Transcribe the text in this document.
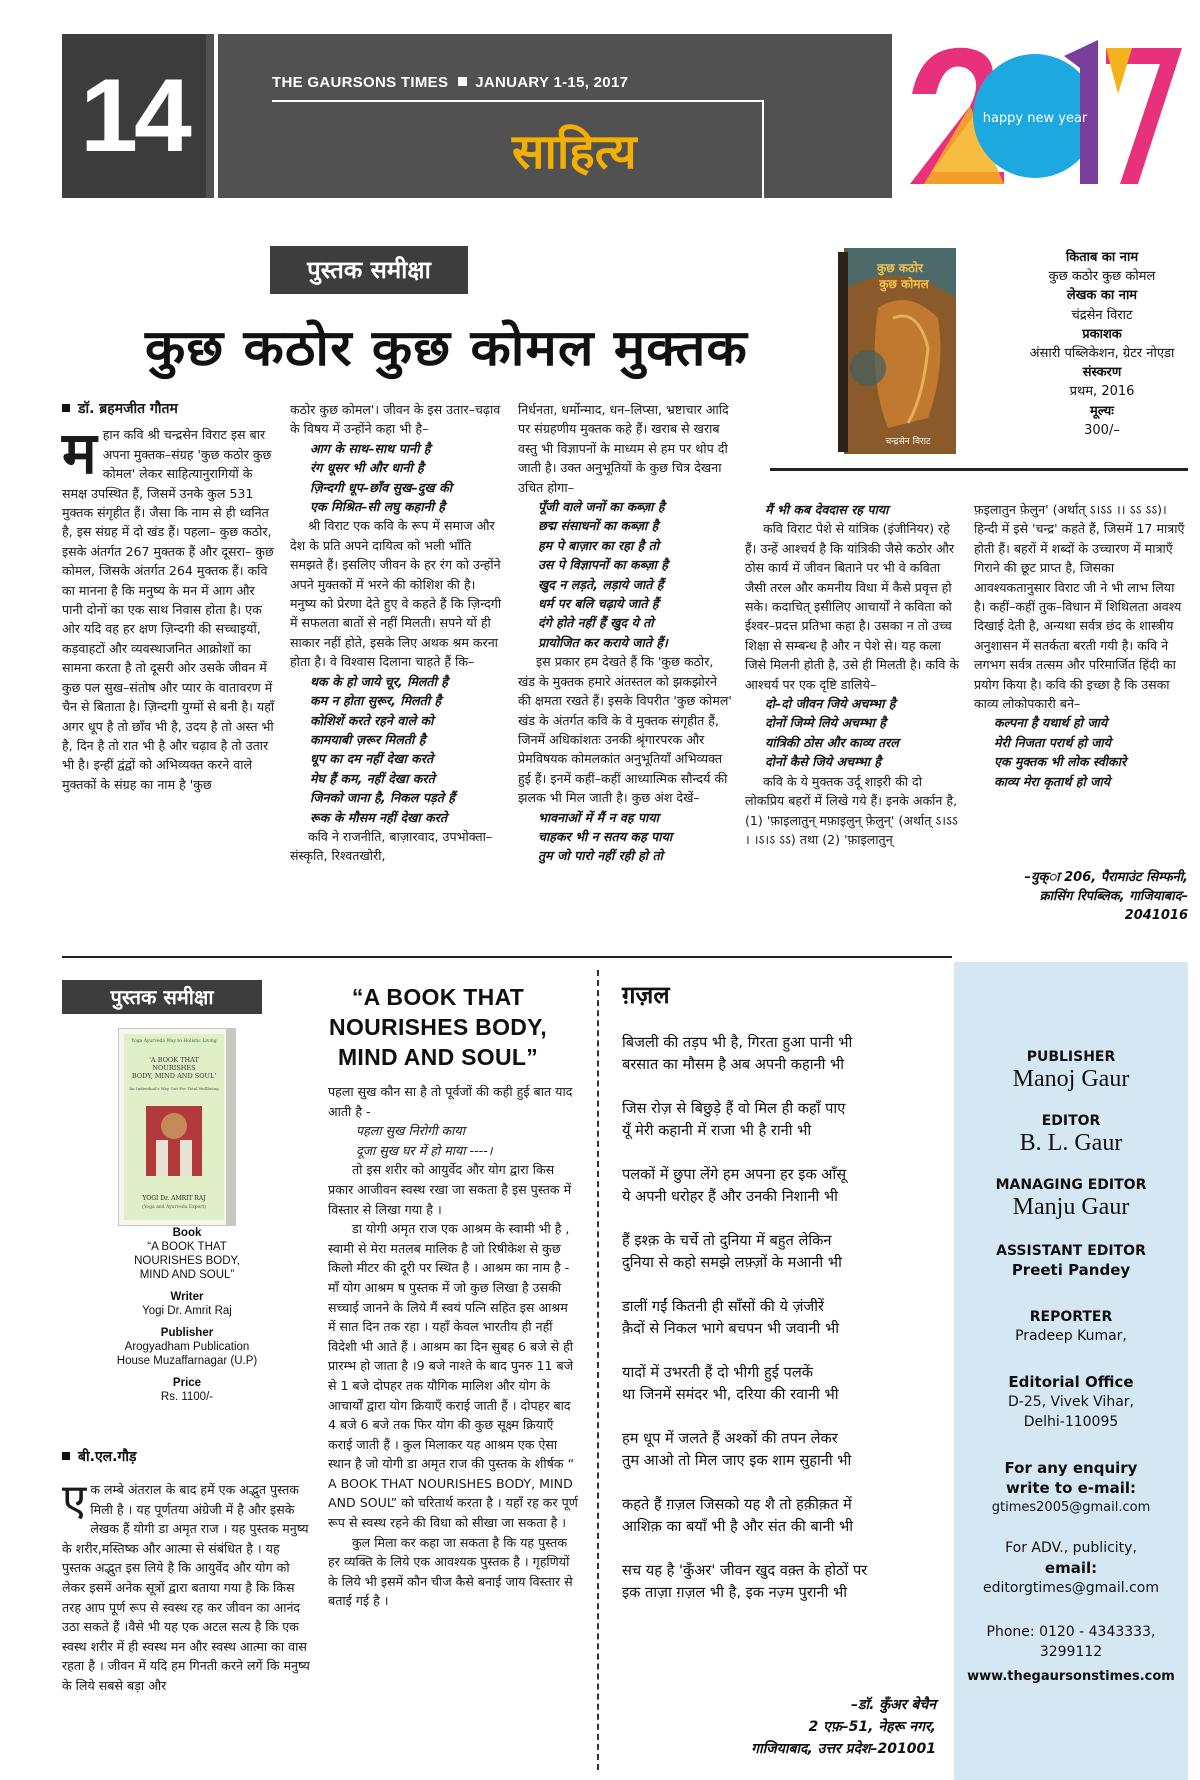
14	THE GAURSONS TIMES JANUARY 1-15, 2017
साहित्य
happy new year
पुस्तक समीक्षा
कुछ कठोर कुछ कोमल मुक्तक

डॉ. ब्रहमजीत गौतम

महान कवि श्री चन्द्रसेन विराट इस बार अपना मुक्तक–संग्रह 'कुछ कठोर कुछ कोमल' लेकर साहित्यानुरागियों के समक्ष उपस्थित हैं, जिसमें उनके कुल 531 मुक्तक संगृहीत हैं। जैसा कि नाम से ही ध्वनित है, इस संग्रह में दो खंड हैं। पहला– कुछ कठोर, इसके अंतर्गत 267 मुक्तक हैं और दूसरा– कुछ कोमल, जिसके अंतर्गत 264 मुक्तक हैं। कवि का मानना है कि मनुष्य के मन में आग और पानी दोनों का एक साथ निवास होता है। एक ओर यदि वह हर क्षण ज़िन्दगी की सच्चाइयों, कड़वाहटों और व्यवस्थाजनित आक्रोशों का सामना करता है तो दूसरी ओर उसके जीवन में कुछ पल सुख–संतोष और प्यार के वातावरण में चैन से बिताता है। ज़िन्दगी युग्मों से बनी है। यहाँ अगर धूप है तो छाँव भी है, उदय है तो अस्त भी है, दिन है तो रात भी है और चढ़ाव है तो उतार भी है। इन्हीं द्वंद्वों को अभिव्यक्त करने वाले मुक्तकों के संग्रह का नाम है 'कुछ

कठोर कुछ कोमल'। जीवन के इस उतार–चढ़ाव के विषय में उन्होंने कहा भी है–

आग के साथ–साथ पानी है

रंग धूसर भी और धानी है

ज़िन्दगी धूप–छाँव सुख–दुख की

एक मिश्रित–सी लघु कहानी है

श्री विराट एक कवि के रूप में समाज और देश के प्रति अपने दायित्व को भली भाँति समझते हैं। इसलिए जीवन के हर रंग को उन्होंने अपने मुक्तकों में भरने की कोशिश की है। मनुष्य को प्रेरणा देते हुए वे कहते हैं कि ज़िन्दगी में सफलता बातों से नहीं मिलती। सपने यों ही साकार नहीं होते, इसके लिए अथक श्रम करना होता है। वे विश्वास दिलाना चाहते हैं कि–

थक के हो जाये चूर, मिलती है

कम न होता सुरूर, मिलती है

कोशिशें करते रहने वाले को

कामयाबी ज़रूर मिलती है

धूप का दम नहीं देखा करते

मेघ हैं कम, नहीं देखा करते

जिनको जाना है, निकल पड़ते हैं

रूक के मौसम नहीं देखा करते

कवि ने राजनीति, बाज़ारवाद, उपभोक्ता–संस्कृति, रिश्वतखोरी,

निर्धनता, धर्मोन्माद, धन–लिप्सा, भ्रष्टाचार आदि पर संग्रहणीय मुक्तक कहे हैं। खराब से खराब वस्तु भी विज्ञापनों के माध्यम से हम पर थोप दी जाती है। उक्त अनुभूतियों के कुछ चित्र देखना उचित होगा–

पूँजी वाले जनों का कब्ज़ा है

छद्म संसाधनों का कब्ज़ा है

हम पे बाज़ार का रहा है तो

उस पे विज्ञापनों का कब्ज़ा है

खुद न लड़ते, लड़ाये जाते हैं

धर्म पर बलि चढ़ाये जाते हैं

दंगे होते नहीं हैं खुद ये तो

प्रायोजित कर कराये जाते हैं।

इस प्रकार हम देखते हैं कि 'कुछ कठोर, खंड के मुक्तक हमारे अंतस्तल को झकझोरने की क्षमता रखते हैं। इसके विपरीत 'कुछ कोमल' खंड के अंतर्गत कवि के वे मुक्तक संगृहीत हैं, जिनमें अधिकांशतः उनकी श्रृंगारपरक और प्रेमविषयक कोमलकांत अनुभूतियाँ अभिव्यक्त हुई हैं। इनमें कहीं–कहीं आध्यात्मिक सौन्दर्य की झलक भी मिल जाती है। कुछ अंश देखें–

भावनाओं में मैं न वह पाया

चाहकर भी न सतय कह पाया

तुम जो पारो नहीं रही हो तो

कुछ कठोर
कुछ कोमल
चन्द्रसेन विराट
किताब का नाम
कुछ कठोर कुछ कोमल
लेखक का नाम
चंद्रसेन विराट
प्रकाशक
अंसारी पब्लिकेशन, ग्रेटर नोएडा
संस्करण
प्रथम, 2016
मूल्यः
300/–

मैं भी कब देवदास रह पाया

कवि विराट पेशे से यांत्रिक (इंजीनियर) रहे हैं। उन्हें आश्चर्य है कि यांत्रिकी जैसे कठोर और ठोस कार्य में जीवन बिताने पर भी वे कविता जैसी तरल और कमनीय विधा में कैसे प्रवृत्त हो सके। कदाचित् इसीलिए आचार्यों ने कविता को ईश्वर–प्रदत्त प्रतिभा कहा है। उसका न तो उच्च शिक्षा से सम्बन्ध है और न पेशे से। यह कला जिसे मिलनी होती है, उसे ही मिलती है। कवि के आश्चर्य पर एक दृष्टि डालिये–

दो–दो जीवन जिये अचम्भा है

दोनों जिम्मे लिये अचम्भा है

यांत्रिकी ठोस और काव्य तरल

दोनों कैसे जिये अचम्भा है

कवि के ये मुक्तक उर्दू शाइरी की दो लोकप्रिय बहरों में लिखे गये हैं। इनके अर्कान है, (1) 'फ़ाइलातुन् मफ़ाइलुन् फ़ेलुन्' (अर्थात् ऽ।ऽऽ । ।ऽ।ऽ ऽऽ) तथा (2) 'फ़ाइलातुन्

फ़इलातुन फ़ेलुन' (अर्थात् ऽ।ऽऽ ।। ऽऽ ऽऽ)। हिन्दी में इसे 'चन्द्र' कहते हैं, जिसमें 17 मात्राएँ होती हैं। बहरों में शब्दों के उच्चारण में मात्राएँ गिराने की छूट प्राप्त है, जिसका आवश्यकतानुसार विराट जी ने भी लाभ लिया है। कहीं–कहीं तुक–विधान में शिथिलता अवश्य दिखाई देती है, अन्यथा सर्वत्र छंद के शास्त्रीय अनुशासन में सतर्कता बरती गयी है। कवि ने लगभग सर्वत्र तत्सम और परिमार्जित हिंदी का प्रयोग किया है। कवि की इच्छा है कि उसका काव्य लोकोपकारी बने–

कल्पना है यथार्थ हो जाये

मेरी निजता परार्थ हो जाये

एक मुक्तक भी लोक स्वीकारे

काव्य मेरा कृतार्थ हो जाये

–युक्ा 206, पैरामाउंट सिम्फनी,
क्रासिंग रिपब्लिक, गाजियाबाद–
2041016
पुस्तक समीक्षा
Yoga Ayurveda Way to Holistic Living
'A BOOK THAT
NOURISHES
BODY, MIND AND SOUL'
An Individual's Way Out For Total Wellbeing
YOGI Dr. AMRIT RAJ
(Yoga and Ayurveda Expert)
Book
“A BOOK THAT NOURISHES BODY, MIND AND SOUL”
Writer
Yogi Dr. Amrit Raj
Publisher
Arogyadham Publication House Muzaffarnagar (U.P)
Price
Rs. 1100/-
बी.एल.गौड़

एक लम्बे अंतराल के बाद हमें एक अद्भुत पुस्तक मिली है । यह पूर्णतया अंग्रेजी में है और इसके लेखक हैं योगी डा अमृत राज । यह पुस्तक मनुष्य के शरीर,मस्तिष्क और आत्मा से संबंधित है । यह पुस्तक अद्भुत इस लिये है कि आयुर्वेद और योग को लेकर इसमें अनेक सूत्रों द्वारा बताया गया है कि किस तरह आप पूर्ण रूप से स्वस्थ रह कर जीवन का आनंद उठा सकते हैं ।वैसे भी यह एक अटल सत्य है कि एक स्वस्थ शरीर में ही स्वस्थ मन और स्वस्थ आत्मा का वास रहता है । जीवन में यदि हम गिनती करने लगें कि मनुष्य के लिये सबसे बड़ा और

“A BOOK THAT NOURISHES BODY, MIND AND SOUL”

पहला सुख कौन सा है तो पूर्वजों की कही हुई बात याद आती है -

पहला सुख निरोगी काया

दूजा सुख घर में हो माया ----।

तो इस शरीर को आयुर्वेद और योग द्वारा किस प्रकार आजीवन स्वस्थ रखा जा सकता है इस पुस्तक में विस्तार से लिखा गया है ।

डा योगी अमृत राज एक आश्रम के स्वामी भी है , स्वामी से मेरा मतलब मालिक है जो रिषीकेश से कुछ किलो मीटर की दूरी पर स्थित है । आश्रम का नाम है - माँ योग आश्रम ष पुस्तक में जो कुछ लिखा है उसकी सच्चाई जानने के लिये मैं स्वयं पत्नि सहित इस आश्रम में सात दिन तक रहा । यहाँ केवल भारतीय ही नहीं विदेशी भी आते हैं । आश्रम का दिन सुबह 6 बजे से ही प्रारम्भ हो जाता है ।9 बजे नाश्ते के बाद पुनरु 11 बजे से 1 बजे दोपहर तक यौगिक मालिश और योग के आचार्यों द्वारा योग क्रियाएँ कराई जाती हैं । दोपहर बाद 4 बजे 6 बजे तक फिर योग की कुछ सूक्ष्म क्रियाएँ कराई जाती हैं । कुल मिलाकर यह आश्रम एक ऐसा स्थान है जो योगी डा अमृत राज की पुस्तक के शीर्षक “ A BOOK THAT NOURISHES BODY, MIND AND SOUL” को चरितार्थ करता है । यहाँ रह कर पूर्ण रूप से स्वस्थ रहने की विधा को सीखा जा सकता है ।

कुल मिला कर कहा जा सकता है कि यह पुस्तक हर व्यक्ति के लिये एक आवश्यक पुस्तक है । गृहणियों के लिये भी इसमें कौन चीज कैसे बनाई जाय विस्तार से बताई गई है ।

ग़ज़ल
बिजली की तड़प भी है, गिरता हुआ पानी भी
बरसात का मौसम है अब अपनी कहानी भी
जिस रोज़ से बिछुड़े हैं वो मिल ही कहाँ पाए
यूँ मेरी कहानी में राजा भी है रानी भी
पलकों में छुपा लेंगे हम अपना हर इक आँसू
ये अपनी धरोहर हैं और उनकी निशानी भी
हैं इश्क़ के चर्चे तो दुनिया में बहुत लेकिन
दुनिया से कहो समझे लफ़्ज़ों के मआनी भी
डालीं गईं कितनी ही साँसों की ये ज़ंजीरें
क़ैदों से निकल भागे बचपन भी जवानी भी
यादों में उभरती हैं दो भीगी हुई पलकें
था जिनमें समंदर भी, दरिया की रवानी भी
हम धूप में जलते हैं अश्कों की तपन लेकर
तुम आओ तो मिल जाए इक शाम सुहानी भी
कहते हैं ग़ज़ल जिसको यह शै तो हक़ीक़त में
आशिक़ का बयाँ भी है और संत की बानी भी
सच यह है 'कुँअर' जीवन खुद वक़्त के होठों पर
इक ताज़ा ग़ज़ल भी है, इक नज़्म पुरानी भी
–डॉ. कुँअर बेचैन
2 एफ़–51, नेहरू नगर,
गाजियाबाद, उत्तर प्रदेश–201001
PUBLISHER
Manoj Gaur
EDITOR
B. L. Gaur
MANAGING EDITOR
Manju Gaur
ASSISTANT EDITOR
Preeti Pandey
REPORTER
Pradeep Kumar,
Editorial Office
D-25, Vivek Vihar,
Delhi-110095
For any enquiry
write to e-mail:
gtimes2005@gmail.com
For ADV., publicity,
email:
editorgtimes@gmail.com
Phone: 0120 - 4343333,
3299112
www.thegaursonstimes.com
